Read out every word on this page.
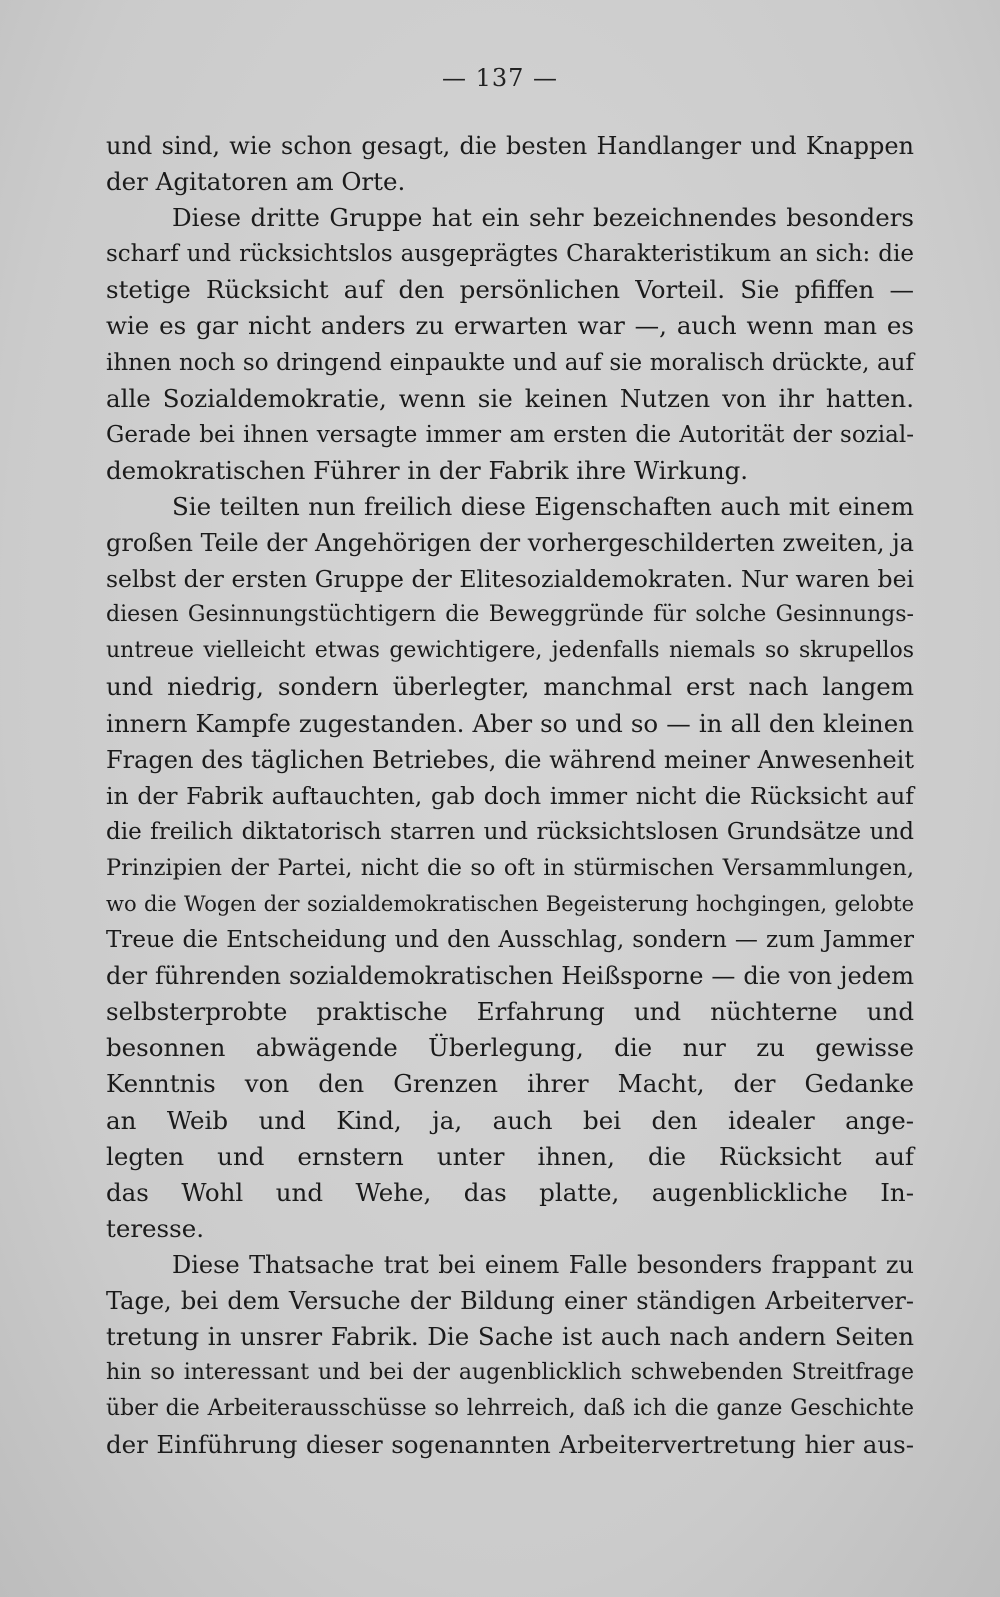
— 137 —
und sind, wie schon gesagt, die besten Handlanger und Knappen
der Agitatoren am Orte.
Diese dritte Gruppe hat ein sehr bezeichnendes besonders
scharf und rücksichtslos ausgeprägtes Charakteristikum an sich: die
stetige Rücksicht auf den persönlichen Vorteil. Sie pfiffen —
wie es gar nicht anders zu erwarten war —, auch wenn man es
ihnen noch so dringend einpaukte und auf sie moralisch drückte, auf
alle Sozialdemokratie, wenn sie keinen Nutzen von ihr hatten.
Gerade bei ihnen versagte immer am ersten die Autorität der sozial-
demokratischen Führer in der Fabrik ihre Wirkung.
Sie teilten nun freilich diese Eigenschaften auch mit einem
großen Teile der Angehörigen der vorhergeschilderten zweiten, ja
selbst der ersten Gruppe der Elitesozialdemokraten. Nur waren bei
diesen Gesinnungstüchtigern die Beweggründe für solche Gesinnungs-
untreue vielleicht etwas gewichtigere, jedenfalls niemals so skrupellos
und niedrig, sondern überlegter, manchmal erst nach langem
innern Kampfe zugestanden. Aber so und so — in all den kleinen
Fragen des täglichen Betriebes, die während meiner Anwesenheit
in der Fabrik auftauchten, gab doch immer nicht die Rücksicht auf
die freilich diktatorisch starren und rücksichtslosen Grundsätze und
Prinzipien der Partei, nicht die so oft in stürmischen Versammlungen,
wo die Wogen der sozialdemokratischen Begeisterung hochgingen, gelobte
Treue die Entscheidung und den Ausschlag, sondern — zum Jammer
der führenden sozialdemokratischen Heißsporne — die von jedem
selbsterprobte praktische Erfahrung und nüchterne und
besonnen abwägende Überlegung, die nur zu gewisse
Kenntnis von den Grenzen ihrer Macht, der Gedanke
an Weib und Kind, ja, auch bei den idealer ange-
legten und ernstern unter ihnen, die Rücksicht auf
das Wohl und Wehe, das platte, augenblickliche In-
teresse.
Diese Thatsache trat bei einem Falle besonders frappant zu
Tage, bei dem Versuche der Bildung einer ständigen Arbeiterver-
tretung in unsrer Fabrik. Die Sache ist auch nach andern Seiten
hin so interessant und bei der augenblicklich schwebenden Streitfrage
über die Arbeiterausschüsse so lehrreich, daß ich die ganze Geschichte
der Einführung dieser sogenannten Arbeitervertretung hier aus-
